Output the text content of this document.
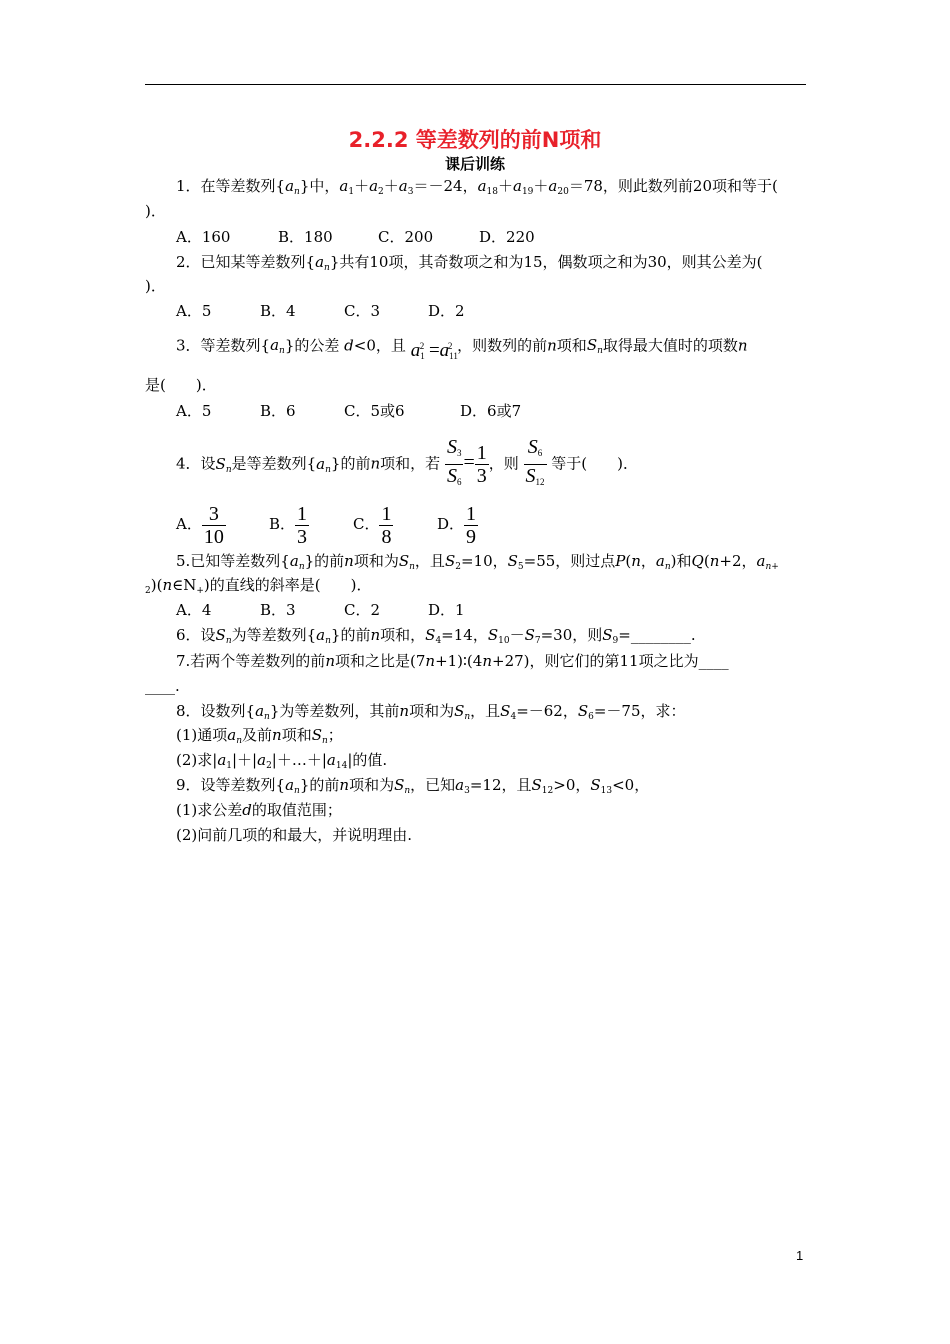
2.2.2 等差数列的前N项和
课后训练
1．在等差数列$\{a_n\}$中，$a_1+a_2+a_3=-24$，$a_{18}+a_{19}+a_{20}=78$，则此数列前20项和等于(
)．
A．160	B．180	C．200	D．220
2．已知某等差数列$\{a_n\}$共有10项，其奇数项之和为15，偶数项之和为30，则其公差为(
)．
A．5	B．4	C．3	D．2
3．等差数列$\{a_n\}$的公差 d<0，且 $a_1^2 =a_{11}^2$ ，则数列的前n项和$S_n$取得最大值时的项数n
是(　　)．
A．5	B．6	C．5或6	D．6或7
4．设$S_n$是等差数列$\{a_n\}$的前n项和，若 $\frac{S_3}{S_6} = \frac{1}{3}$ ，则 $\frac{S_6}{S_{12}}$ 等于(　　)．
A． $\frac{3}{10}$	B． $\frac{1}{3}$	C． $\frac{1}{8}$	D． $\frac{1}{9}$
5.已知等差数列$\{a_n\}$的前n项和为$S_n$，且$S_2=10$，$S_5=55$，则过点P(n，$a_n$)和Q(n+2，$a_{n+}$
$_2)(n\in N_+)$的直线的斜率是(　　)．
A．4	B．3	C．2	D．1
6．设$S_n$为等差数列$\{a_n\}$的前n项和，$S_4=14$，$S_{10}-S_7=30$，则$S_9=\_\_\_\_\_\_\_\_$.
7.若两个等差数列的前n项和之比是(7n+1)∶(4n+27)，则它们的第11项之比为____
____.
8．设数列$\{a_n\}$为等差数列，其前n项和为$S_n$，且$S_4=-62$，$S_6=-75$，求：
(1)通项$a_n$及前n项和$S_n$；
(2)求$|a_1|+|a_2|+\dots+|a_{14}|$的值.
9．设等差数列$\{a_n\}$的前n项和为$S_n$，已知$a_3=12$，且$S_{12}>0$，$S_{13}<0$，
(1)求公差d的取值范围；
(2)问前几项的和最大，并说明理由.
1
